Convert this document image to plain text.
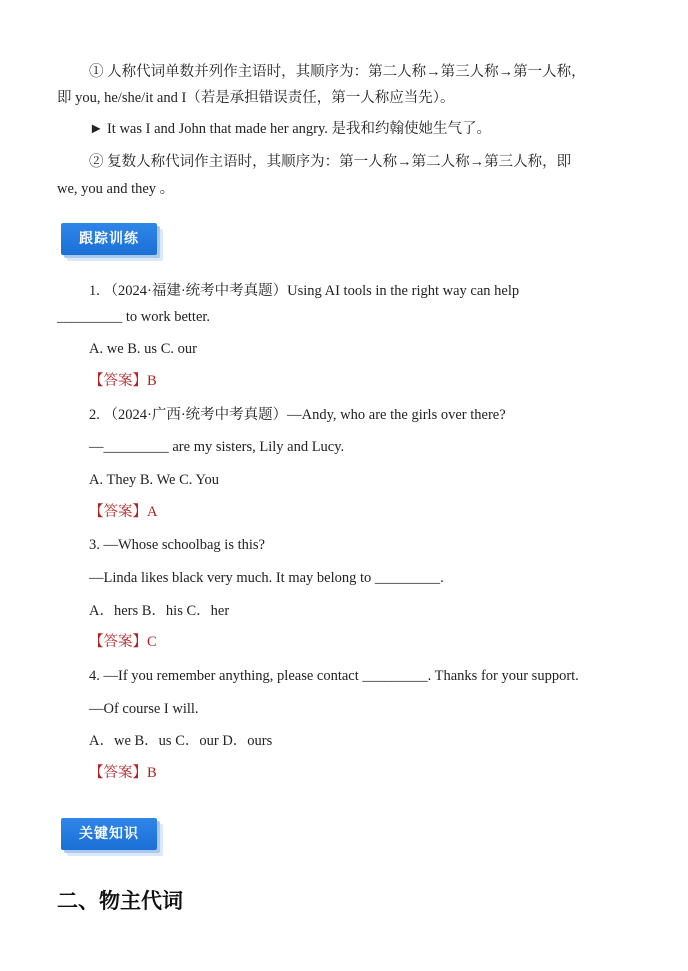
① 人称代词单数并列作主语时，其顺序为：第二人称→第三人称→第一人称，
即 you, he/she/it and I（若是承担错误责任，第一人称应当先）。
► It was I and John that made her angry. 是我和约翰使她生气了。
② 复数人称代词作主语时，其顺序为：第一人称→第二人称→第三人称，即
we, you and they 。
跟踪训练
1. （2024·福建·统考中考真题）Using AI tools in the right way can help
_________ to work better.
A. we B. us C. our
【答案】B
2. （2024·广西·统考中考真题）—Andy, who are the girls over there?
—_________ are my sisters, Lily and Lucy.
A. They B. We C. You
【答案】A
3. —Whose schoolbag is this?
—Linda likes black very much. It may belong to _________.
A．hers B．his C．her
【答案】C
4. —If you remember anything, please contact _________. Thanks for your support.
—Of course I will.
A．we B．us C．our D．ours
【答案】B
关键知识
二、物主代词
